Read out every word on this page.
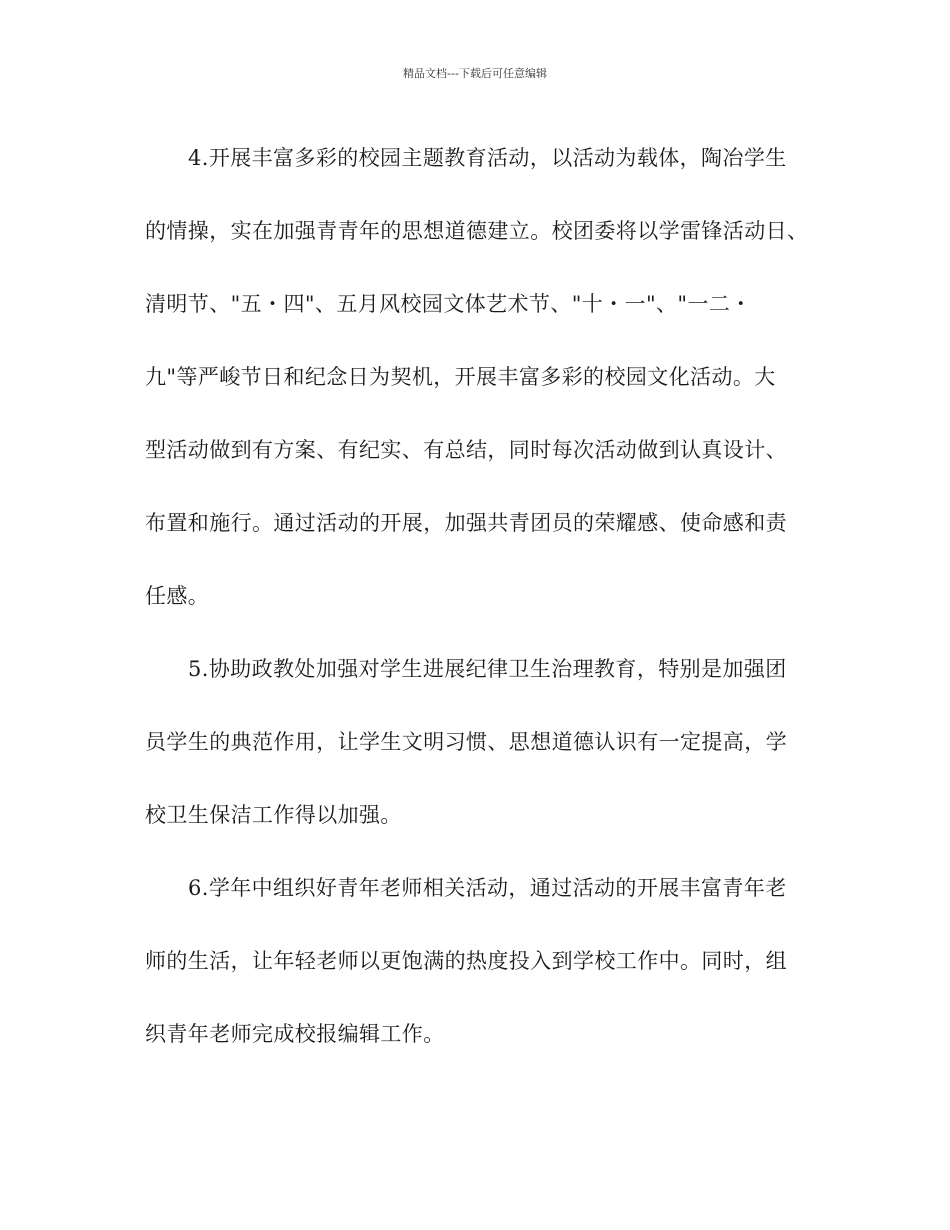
精品文档---下载后可任意编辑
4.开展丰富多彩的校园主题教育活动，以活动为载体，陶冶学生
的情操，实在加强青青年的思想道德建立。校团委将以学雷锋活动日、
清明节、"五・四"、五月风校园文体艺术节、"十・一"、"一二・
九"等严峻节日和纪念日为契机，开展丰富多彩的校园文化活动。大
型活动做到有方案、有纪实、有总结，同时每次活动做到认真设计、
布置和施行。通过活动的开展，加强共青团员的荣耀感、使命感和责
任感。
5.协助政教处加强对学生进展纪律卫生治理教育，特别是加强团
员学生的典范作用，让学生文明习惯、思想道德认识有一定提高，学
校卫生保洁工作得以加强。
6.学年中组织好青年老师相关活动，通过活动的开展丰富青年老
师的生活，让年轻老师以更饱满的热度投入到学校工作中。同时，组
织青年老师完成校报编辑工作。
